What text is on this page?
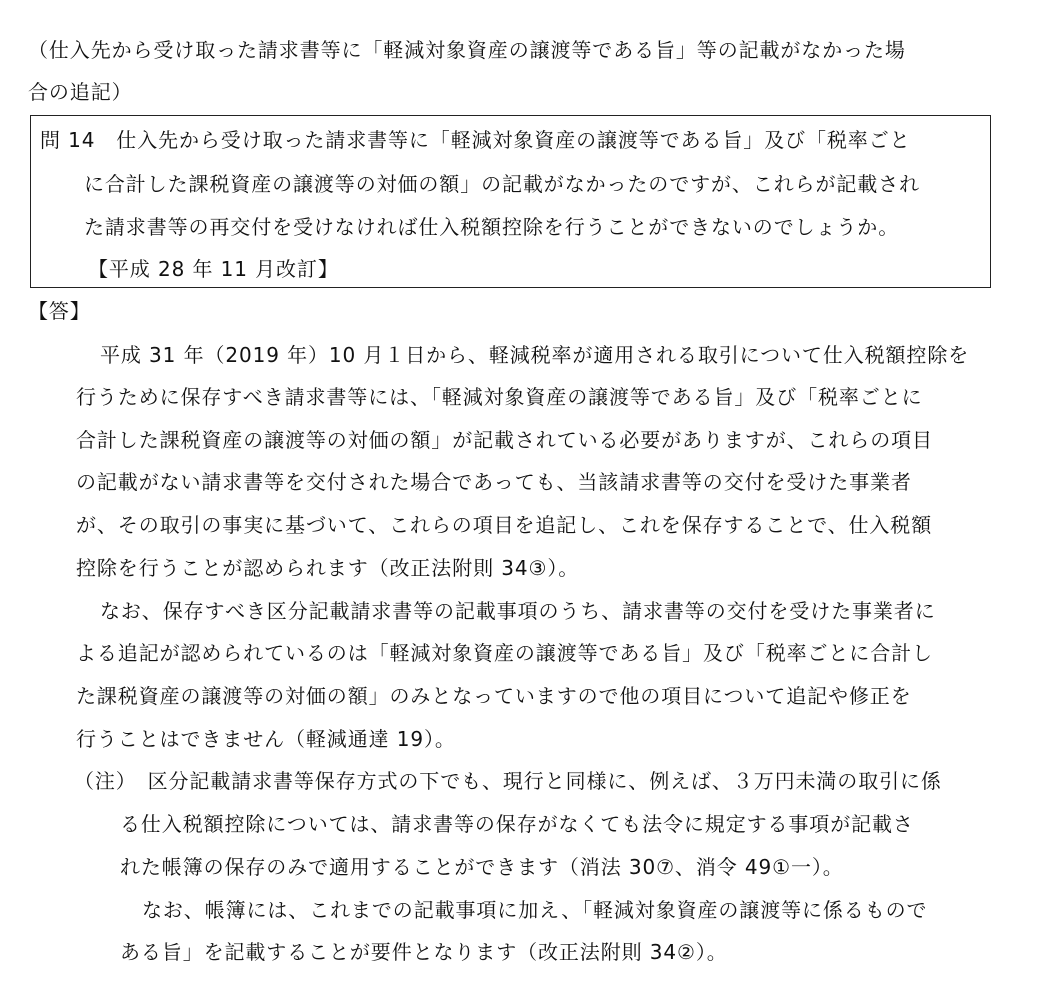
（仕入先から受け取った請求書等に「軽減対象資産の譲渡等である旨」等の記載がなかった場
合の追記）
問 14　仕入先から受け取った請求書等に「軽減対象資産の譲渡等である旨」及び「税率ごと
に合計した課税資産の譲渡等の対価の額」の記載がなかったのですが、これらが記載され
た請求書等の再交付を受けなければ仕入税額控除を行うことができないのでしょうか。
【平成 28 年 11 月改訂】
【答】
平成 31 年（2019 年）10 月１日から、軽減税率が適用される取引について仕入税額控除を
行うために保存すべき請求書等には、「軽減対象資産の譲渡等である旨」及び「税率ごとに
合計した課税資産の譲渡等の対価の額」が記載されている必要がありますが、これらの項目
の記載がない請求書等を交付された場合であっても、当該請求書等の交付を受けた事業者
が、その取引の事実に基づいて、これらの項目を追記し、これを保存することで、仕入税額
控除を行うことが認められます（改正法附則 34③）。
なお、保存すべき区分記載請求書等の記載事項のうち、請求書等の交付を受けた事業者に
よる追記が認められているのは「軽減対象資産の譲渡等である旨」及び「税率ごとに合計し
た課税資産の譲渡等の対価の額」のみとなっていますので他の項目について追記や修正を
行うことはできません（軽減通達 19）。
（注）　区分記載請求書等保存方式の下でも、現行と同様に、例えば、３万円未満の取引に係
る仕入税額控除については、請求書等の保存がなくても法令に規定する事項が記載さ
れた帳簿の保存のみで適用することができます（消法 30⑦、消令 49①一）。
なお、帳簿には、これまでの記載事項に加え、「軽減対象資産の譲渡等に係るもので
ある旨」を記載することが要件となります（改正法附則 34②）。
